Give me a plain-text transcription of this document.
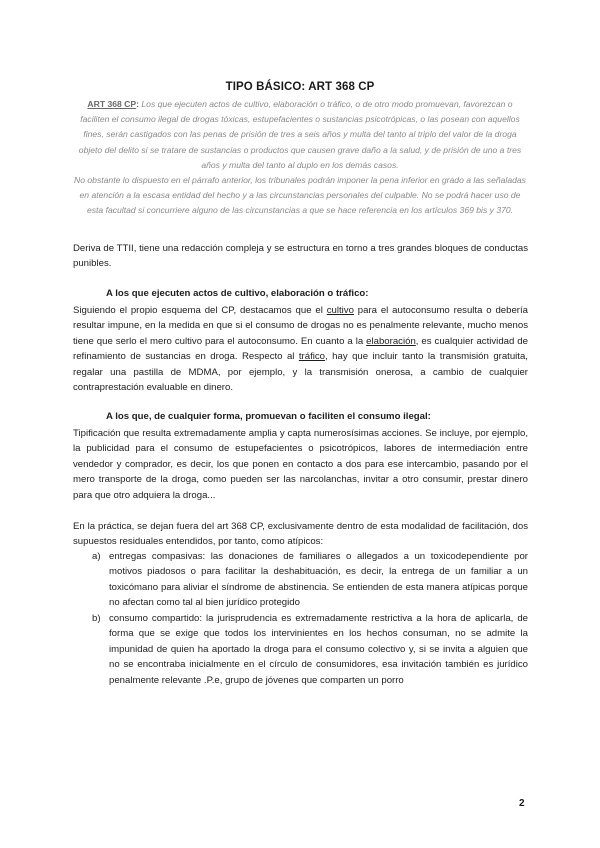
TIPO BÁSICO: ART 368 CP
ART 368 CP: Los que ejecuten actos de cultivo, elaboración o tráfico, o de otro modo promuevan, favorezcan o faciliten el consumo ilegal de drogas tóxicas, estupefacientes o sustancias psicotrópicas, o las posean con aquellos fines, serán castigados con las penas de prisión de tres a seis años y multa del tanto al triplo del valor de la droga objeto del delito si se tratare de sustancias o productos que causen grave daño a la salud, y de prisión de uno a tres años y multa del tanto al duplo en los demás casos.
No obstante lo dispuesto en el párrafo anterior, los tribunales podrán imponer la pena inferior en grado a las señaladas en atención a la escasa entidad del hecho y a las circunstancias personales del culpable. No se podrá hacer uso de esta facultad si concurriere alguno de las circunstancias a que se hace referencia en los artículos 369 bis y 370.
Deriva de TTII, tiene una redacción compleja y se estructura en torno a tres grandes bloques de conductas punibles.
A los que ejecuten actos de cultivo, elaboración o tráfico:
Siguiendo el propio esquema del CP, destacamos que el cultivo para el autoconsumo resulta o debería resultar impune, en la medida en que si el consumo de drogas no es penalmente relevante, mucho menos tiene que serlo el mero cultivo para el autoconsumo. En cuanto a la elaboración, es cualquier actividad de refinamiento de sustancias en droga. Respecto al tráfico, hay que incluir tanto la transmisión gratuita, regalar una pastilla de MDMA, por ejemplo, y la transmisión onerosa, a cambio de cualquier contraprestación evaluable en dinero.
A los que, de cualquier forma, promuevan o faciliten el consumo ilegal:
Tipificación que resulta extremadamente amplia y capta numerosísimas acciones. Se incluye, por ejemplo, la publicidad para el consumo de estupefacientes o psicotrópicos, labores de intermediación entre vendedor y comprador, es decir, los que ponen en contacto a dos para ese intercambio, pasando por el mero transporte de la droga, como pueden ser las narcolanchas, invitar a otro consumir, prestar dinero para que otro adquiera la droga...
En la práctica, se dejan fuera del art 368 CP, exclusivamente dentro de esta modalidad de facilitación, dos supuestos residuales entendidos, por tanto, como atípicos:
a) entregas compasivas: las donaciones de familiares o allegados a un toxicodependiente por motivos piadosos o para facilitar la deshabituación, es decir, la entrega de un familiar a un toxicómano para aliviar el síndrome de abstinencia. Se entienden de esta manera atípicas porque no afectan como tal al bien jurídico protegido
b) consumo compartido: la jurisprudencia es extremadamente restrictiva a la hora de aplicarla, de forma que se exige que todos los intervinientes en los hechos consuman, no se admite la impunidad de quien ha aportado la droga para el consumo colectivo y, si se invita a alguien que no se encontraba inicialmente en el círculo de consumidores, esa invitación también es jurídico penalmente relevante .P.e, grupo de jóvenes que comparten un porro
2
